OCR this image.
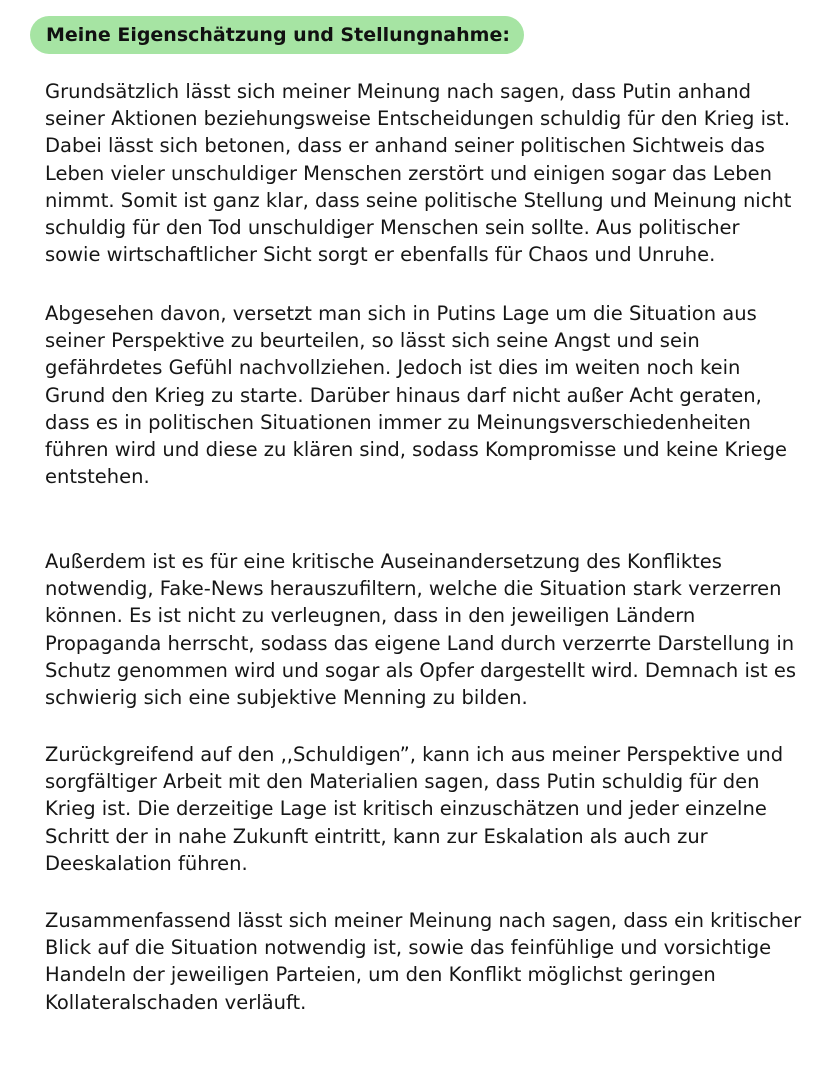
Meine Eigenschätzung und Stellungnahme:
Grundsätzlich lässt sich meiner Meinung nach sagen, dass Putin anhand
seiner Aktionen beziehungsweise Entscheidungen schuldig für den Krieg ist.
Dabei lässt sich betonen, dass er anhand seiner politischen Sichtweis das
Leben vieler unschuldiger Menschen zerstört und einigen sogar das Leben
nimmt. Somit ist ganz klar, dass seine politische Stellung und Meinung nicht
schuldig für den Tod unschuldiger Menschen sein sollte. Aus politischer
sowie wirtschaftlicher Sicht sorgt er ebenfalls für Chaos und Unruhe.
Abgesehen davon, versetzt man sich in Putins Lage um die Situation aus
seiner Perspektive zu beurteilen, so lässt sich seine Angst und sein
gefährdetes Gefühl nachvollziehen. Jedoch ist dies im weiten noch kein
Grund den Krieg zu starte. Darüber hinaus darf nicht außer Acht geraten,
dass es in politischen Situationen immer zu Meinungsverschiedenheiten
führen wird und diese zu klären sind, sodass Kompromisse und keine Kriege
entstehen.
Außerdem ist es für eine kritische Auseinandersetzung des Konfliktes
notwendig, Fake-News herauszufiltern, welche die Situation stark verzerren
können. Es ist nicht zu verleugnen, dass in den jeweiligen Ländern
Propaganda herrscht, sodass das eigene Land durch verzerrte Darstellung in
Schutz genommen wird und sogar als Opfer dargestellt wird. Demnach ist es
schwierig sich eine subjektive Menning zu bilden.
Zurückgreifend auf den ,,Schuldigen”, kann ich aus meiner Perspektive und
sorgfältiger Arbeit mit den Materialien sagen, dass Putin schuldig für den
Krieg ist. Die derzeitige Lage ist kritisch einzuschätzen und jeder einzelne
Schritt der in nahe Zukunft eintritt, kann zur Eskalation als auch zur
Deeskalation führen.
Zusammenfassend lässt sich meiner Meinung nach sagen, dass ein kritischer
Blick auf die Situation notwendig ist, sowie das feinfühlige und vorsichtige
Handeln der jeweiligen Parteien, um den Konflikt möglichst geringen
Kollateralschaden verläuft.
